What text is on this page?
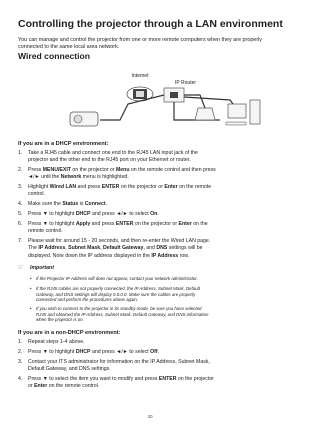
Controlling the projector through a LAN environment
You can manage and control the projector from one or more remote computers when they are properly connected to the same local area network.
Wired connection
Internet
IP Router
If you are in a DHCP environment:
1. Take a RJ45 cable and connect one end to the RJ45 LAN input jack of the
projector and the other end to the RJ45 port on your Ethernet or router.
2. Press MENU/EXIT on the projector or Menu on the remote control and then press
◄/► until the Network menu is highlighted.
3. Highlight Wired LAN and press ENTER on the projector or Enter on the remote
control.
4. Make sure the Status is Connect.
5. Press ▼ to highlight DHCP and press ◄/► to select On.
6. Press ▼ to highlight Apply and press ENTER on the projector or Enter on the
remote control.
7. Please wait for around 15 - 20 seconds, and then re-enter the Wired LAN page.
The IP Address, Subnet Mask, Default Gateway, and DNS settings will be
displayed. Note down the IP address displayed in the IP Address row.
☞ Important
• If the Projector IP Address still does not appear, contact your network administrator.
• If the RJ45 cables are not properly connected, the IP Address, Subnet Mask, Default
Gateway, and DNS settings will display 0.0.0.0. Make sure the cables are properly
connected and perform the procedures above again.
• If you wish to connect to the projector in its standby mode, be sure you have selected
RJ45 and obtained the IP Address, Subnet Mask, Default Gateway, and DNS information
when the projector is on.
If you are in a non-DHCP environment:
1. Repeat steps 1-4 above.
2. Press ▼ to highlight DHCP and press ◄/► to select Off.
3. Contact your ITS administrator for information on the IP Address, Subnet Mask,
Default Gateway, and DNS settings.
4. Press ▼ to select the item you want to modify and press ENTER on the projector
or Enter on the remote control.
30
